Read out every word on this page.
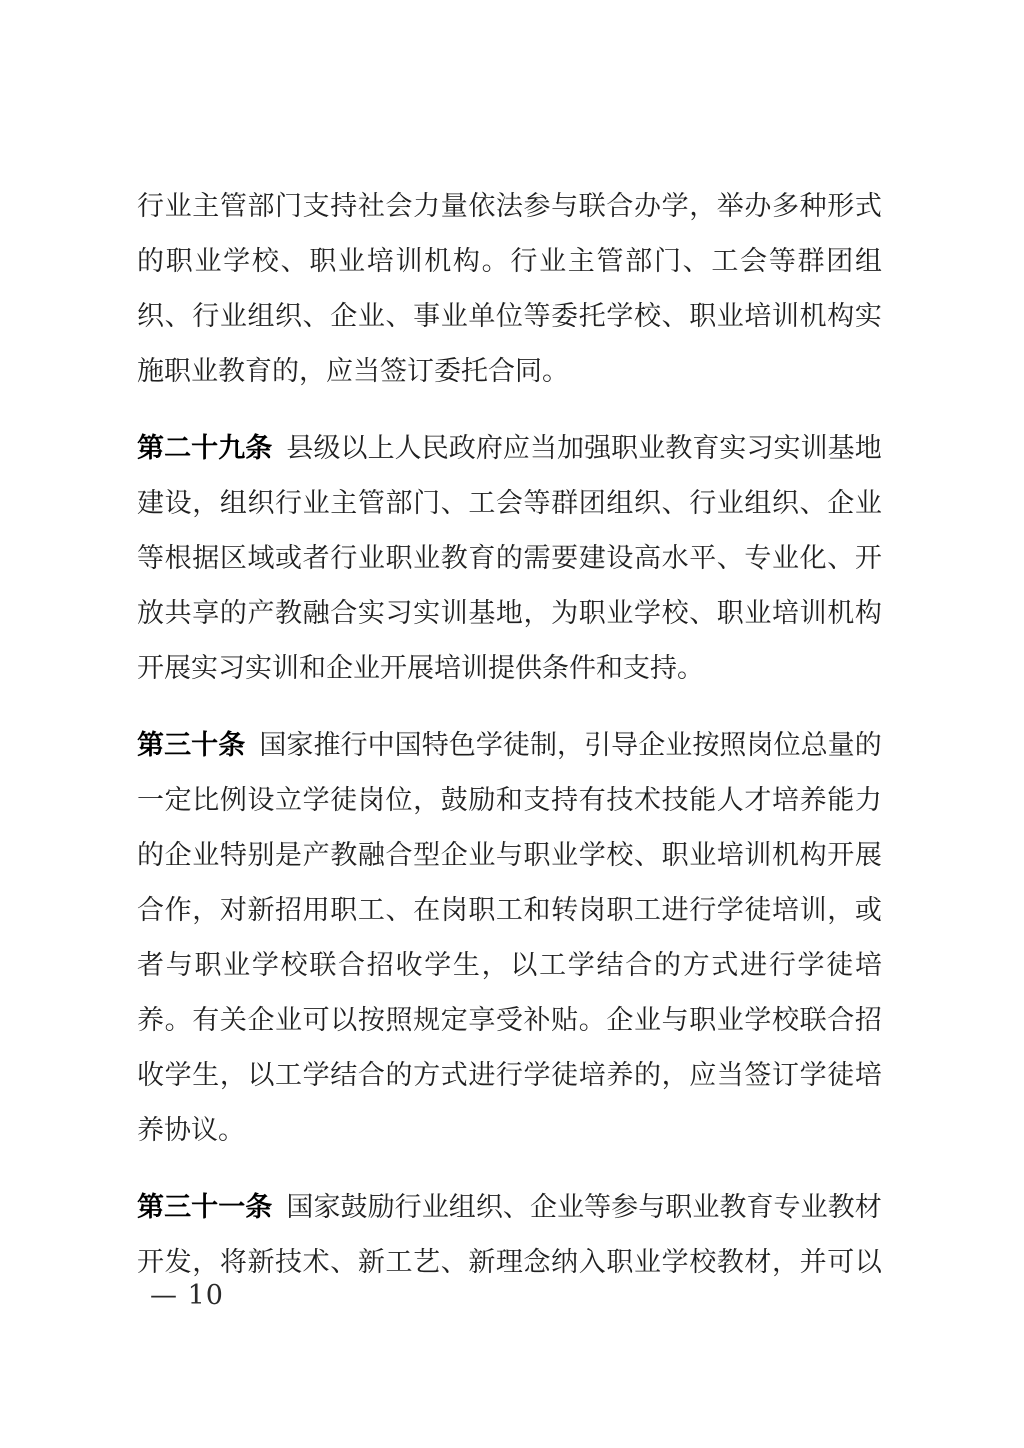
行 业 主 管 部 门 支 持 社 会 力 量 依 法 参 与 联 合 办 学 ， 举 办 多 种 形 式
的 职 业 学 校 、 职 业 培 训 机 构 。 行 业 主 管 部 门 、 工 会 等 群 团 组
织 、 行 业 组 织 、 企 业 、 事 业 单 位 等 委 托 学 校 、 职 业 培 训 机 构 实
施 职 业 教 育 的 ， 应 当 签 订 委 托 合 同 。
第 二 十 九 条 县 级 以 上 人 民 政 府 应 当 加 强 职 业 教 育 实 习 实 训 基 地
建 设 ， 组 织 行 业 主 管 部 门 、 工 会 等 群 团 组 织 、 行 业 组 织 、 企 业
等 根 据 区 域 或 者 行 业 职 业 教 育 的 需 要 建 设 高 水 平 、 专 业 化 、 开
放 共 享 的 产 教 融 合 实 习 实 训 基 地 ， 为 职 业 学 校 、 职 业 培 训 机 构
开 展 实 习 实 训 和 企 业 开 展 培 训 提 供 条 件 和 支 持 。
第 三 十 条 国 家 推 行 中 国 特 色 学 徒 制 ， 引 导 企 业 按 照 岗 位 总 量 的
一 定 比 例 设 立 学 徒 岗 位 ， 鼓 励 和 支 持 有 技 术 技 能 人 才 培 养 能 力
的 企 业 特 别 是 产 教 融 合 型 企 业 与 职 业 学 校 、 职 业 培 训 机 构 开 展
合 作 ， 对 新 招 用 职 工 、 在 岗 职 工 和 转 岗 职 工 进 行 学 徒 培 训 ， 或
者 与 职 业 学 校 联 合 招 收 学 生 ， 以 工 学 结 合 的 方 式 进 行 学 徒 培
养 。 有 关 企 业 可 以 按 照 规 定 享 受 补 贴 。 企 业 与 职 业 学 校 联 合 招
收 学 生 ， 以 工 学 结 合 的 方 式 进 行 学 徒 培 养 的 ， 应 当 签 订 学 徒 培
养 协 议 。
第 三 十 一 条 国 家 鼓 励 行 业 组 织 、 企 业 等 参 与 职 业 教 育 专 业 教 材
开 发 ， 将 新 技 术 、 新 工 艺 、 新 理 念 纳 入 职 业 学 校 教 材 ， 并 可 以
— 10
